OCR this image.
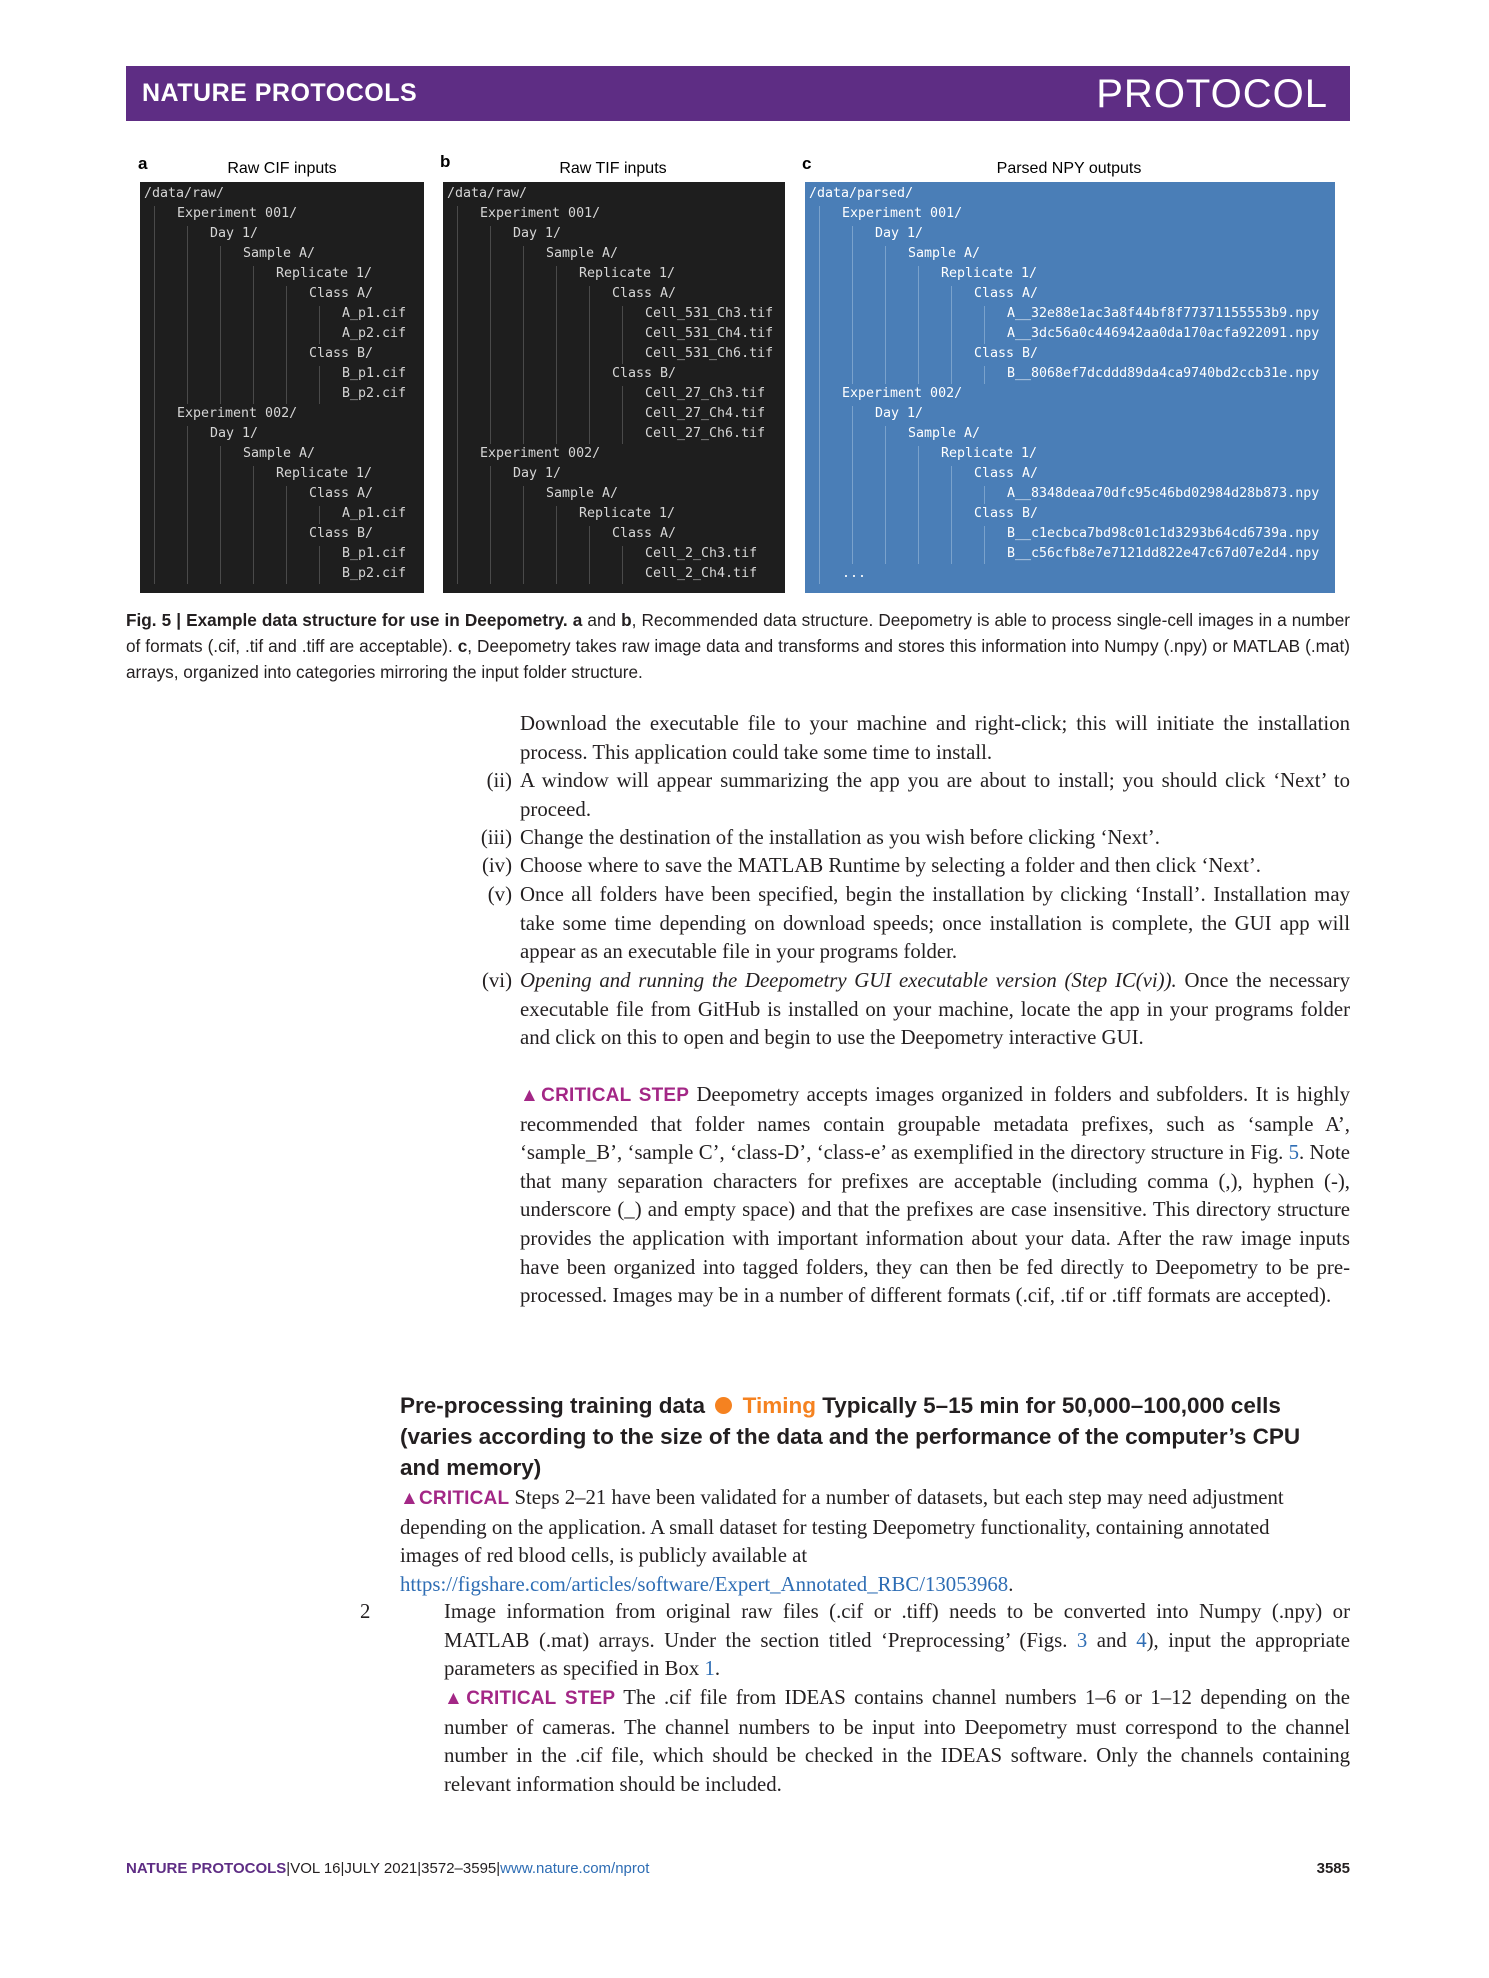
NATURE PROTOCOLS	PROTOCOL
a	b	c
Raw CIF inputs	Raw TIF inputs	Parsed NPY outputs
/data/raw/
Experiment 001/
Day 1/
Sample A/
Replicate 1/
Class A/
A_p1.cif
A_p2.cif
Class B/
B_p1.cif
B_p2.cif
Experiment 002/
Day 1/
Sample A/
Replicate 1/
Class A/
A_p1.cif
Class B/
B_p1.cif
B_p2.cif
/data/raw/
Experiment 001/
Day 1/
Sample A/
Replicate 1/
Class A/
Cell_531_Ch3.tif
Cell_531_Ch4.tif
Cell_531_Ch6.tif
Class B/
Cell_27_Ch3.tif
Cell_27_Ch4.tif
Cell_27_Ch6.tif
Experiment 002/
Day 1/
Sample A/
Replicate 1/
Class A/
Cell_2_Ch3.tif
Cell_2_Ch4.tif
/data/parsed/
Experiment 001/
Day 1/
Sample A/
Replicate 1/
Class A/
A__32e88e1ac3a8f44bf8f77371155553b9.npy
A__3dc56a0c446942aa0da170acfa922091.npy
Class B/
B__8068ef7dcddd89da4ca9740bd2ccb31e.npy
Experiment 002/
Day 1/
Sample A/
Replicate 1/
Class A/
A__8348deaa70dfc95c46bd02984d28b873.npy
Class B/
B__c1ecbca7bd98c01c1d3293b64cd6739a.npy
B__c56cfb8e7e7121dd822e47c67d07e2d4.npy
...
Fig. 5 | Example data structure for use in Deepometry. a and b, Recommended data structure. Deepometry is able to process single-cell images in a number of formats (.cif, .tif and .tiff are acceptable). c, Deepometry takes raw image data and transforms and stores this information into Numpy (.npy) or MATLAB (.mat) arrays, organized into categories mirroring the input folder structure.
Download the executable file to your machine and right-click; this will initiate the installation process. This application could take some time to install.
(ii) A window will appear summarizing the app you are about to install; you should click ‘Next’ to proceed.
(iii) Change the destination of the installation as you wish before clicking ‘Next’.
(iv) Choose where to save the MATLAB Runtime by selecting a folder and then click ‘Next’.
(v) Once all folders have been specified, begin the installation by clicking ‘Install’. Installation may take some time depending on download speeds; once installation is complete, the GUI app will appear as an executable file in your programs folder.
(vi) Opening and running the Deepometry GUI executable version (Step IC(vi)). Once the necessary executable file from GitHub is installed on your machine, locate the app in your programs folder and click on this to open and begin to use the Deepometry interactive GUI.
▲CRITICAL STEP Deepometry accepts images organized in folders and subfolders. It is highly recommended that folder names contain groupable metadata prefixes, such as ‘sample A’, ‘sample_B’, ‘sample C’, ‘class-D’, ‘class-e’ as exemplified in the directory structure in Fig. 5. Note that many separation characters for prefixes are acceptable (including comma (,), hyphen (-), underscore (_) and empty space) and that the prefixes are case insensitive. This directory structure provides the application with important information about your data. After the raw image inputs have been organized into tagged folders, they can then be fed directly to Deepometry to be pre-processed. Images may be in a number of different formats (.cif, .tif or .tiff formats are accepted).
Pre-processing training data Timing Typically 5–15 min for 50,000–100,000 cells (varies according to the size of the data and the performance of the computer’s CPU and memory)
▲CRITICAL Steps 2–21 have been validated for a number of datasets, but each step may need adjustment depending on the application. A small dataset for testing Deepometry functionality, containing annotated images of red blood cells, is publicly available at https://figshare.com/articles/software/Expert_Annotated_RBC/13053968.
2	Image information from original raw files (.cif or .tiff) needs to be converted into Numpy (.npy) or MATLAB (.mat) arrays. Under the section titled ‘Preprocessing’ (Figs. 3 and 4), input the appropriate parameters as specified in Box 1.
▲CRITICAL STEP The .cif file from IDEAS contains channel numbers 1–6 or 1–12 depending on the number of cameras. The channel numbers to be input into Deepometry must correspond to the channel number in the .cif file, which should be checked in the IDEAS software. Only the channels containing relevant information should be included.
NATURE PROTOCOLS|VOL 16|JULY 2021|3572–3595|www.nature.com/nprot	3585
